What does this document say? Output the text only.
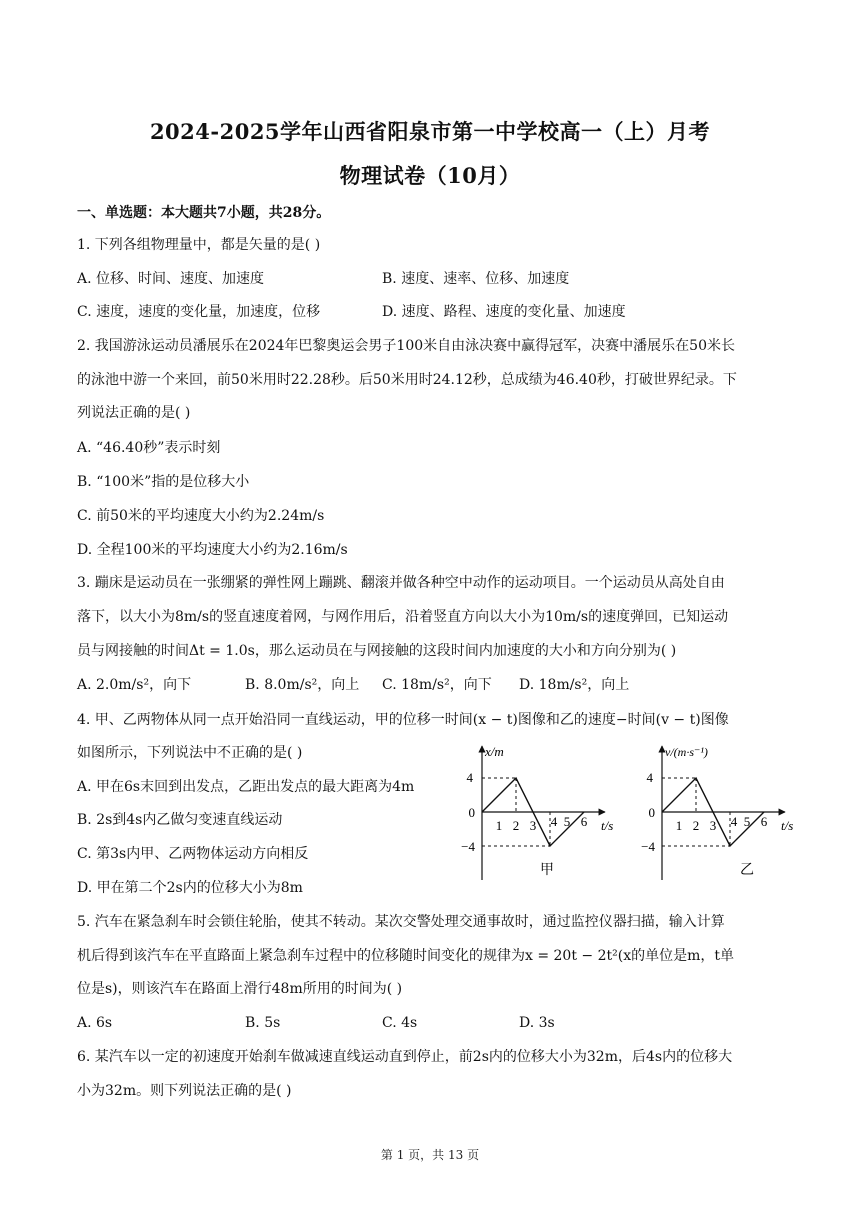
2024-2025学年山西省阳泉市第一中学校高一（上）月考
物理试卷（10月）
一、单选题：本大题共7小题，共28分。
1. 下列各组物理量中，都是矢量的是( )
A. 位移、时间、速度、加速度	B. 速度、速率、位移、加速度
C. 速度，速度的变化量，加速度，位移	D. 速度、路程、速度的变化量、加速度
2. 我国游泳运动员潘展乐在2024年巴黎奥运会男子100米自由泳决赛中赢得冠军，决赛中潘展乐在50米长
的泳池中游一个来回，前50米用时22.28秒。后50米用时24.12秒，总成绩为46.40秒，打破世界纪录。下
列说法正确的是( )
A. “46.40秒”表示时刻
B. “100米”指的是位移大小
C. 前50米的平均速度大小约为2.24m/s
D. 全程100米的平均速度大小约为2.16m/s
3. 蹦床是运动员在一张绷紧的弹性网上蹦跳、翻滚并做各种空中动作的运动项目。一个运动员从高处自由
落下，以大小为8m/s的竖直速度着网，与网作用后，沿着竖直方向以大小为10m/s的速度弹回，已知运动
员与网接触的时间Δt = 1.0s，那么运动员在与网接触的这段时间内加速度的大小和方向分别为( )
A. 2.0m/s²，向下	B. 8.0m/s²，向上 C. 18m/s²，向下 D. 18m/s²，向上
4. 甲、乙两物体从同一点开始沿同一直线运动，甲的位移一时间(x − t)图像和乙的速度−时间(v − t)图像
如图所示，下列说法中不正确的是( )
A. 甲在6s末回到出发点，乙距出发点的最大距离为4m
B. 2s到4s内乙做匀变速直线运动
C. 第3s内甲、乙两物体运动方向相反
D. 甲在第二个2s内的位移大小为8m
x/m
t/s
4
0
−4
1 2 3 4 5 6
甲
v/(m·s⁻¹)
t/s
4
0
−4
1 2 3 4 5 6
乙
5. 汽车在紧急刹车时会锁住轮胎，使其不转动。某次交警处理交通事故时，通过监控仪器扫描，输入计算
机后得到该汽车在平直路面上紧急刹车过程中的位移随时间变化的规律为x = 20t − 2t²(x的单位是m，t单
位是s)，则该汽车在路面上滑行48m所用的时间为( )
A. 6s	B. 5s	C. 4s	D. 3s
6. 某汽车以一定的初速度开始刹车做减速直线运动直到停止，前2s内的位移大小为32m，后4s内的位移大
小为32m。则下列说法正确的是( )
第 1 页，共 13 页
